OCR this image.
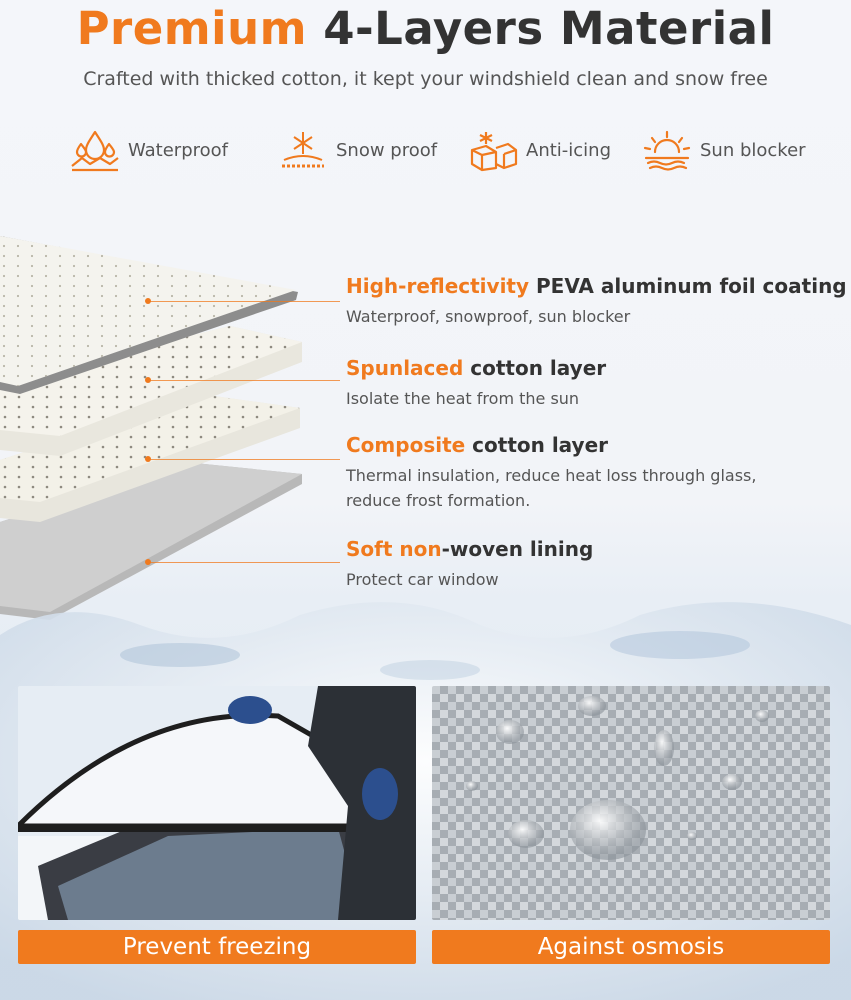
Premium 4-Layers Material
Crafted with thicked cotton, it kept your windshield clean and snow free
Waterproof	Snow proof	Anti-icing	Sun blocker
High-reflectivity PEVA aluminum foil coating
Waterproof, snowproof, sun blocker
Spunlaced cotton layer
Isolate the heat from the sun
Composite cotton layer
Thermal insulation, reduce heat loss through glass,
reduce frost formation.
Soft non-woven lining
Protect car window
Prevent freezing	Against osmosis
